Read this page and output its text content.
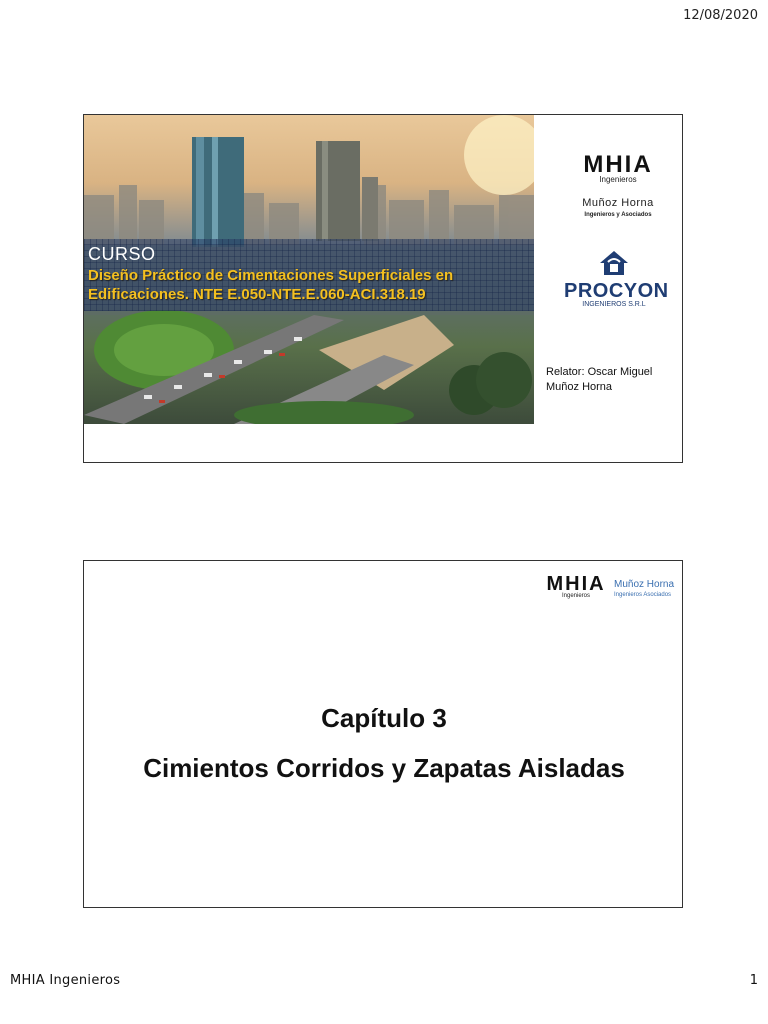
12/08/2020
CURSO
Diseño Práctico de Cimentaciones Superficiales en Edificaciones. NTE E.050-NTE.E.060-ACI.318.19
MHIA
Ingenieros
Muñoz Horna
Ingenieros y Asociados
PROCYON
INGENIEROS S.R.L
Relator: Oscar Miguel Muñoz Horna
MHIA
Ingenieros
Muñoz Horna
Ingenieros Asociados
Capítulo 3
Cimientos Corridos y Zapatas Aisladas
MHIA Ingenieros	1
